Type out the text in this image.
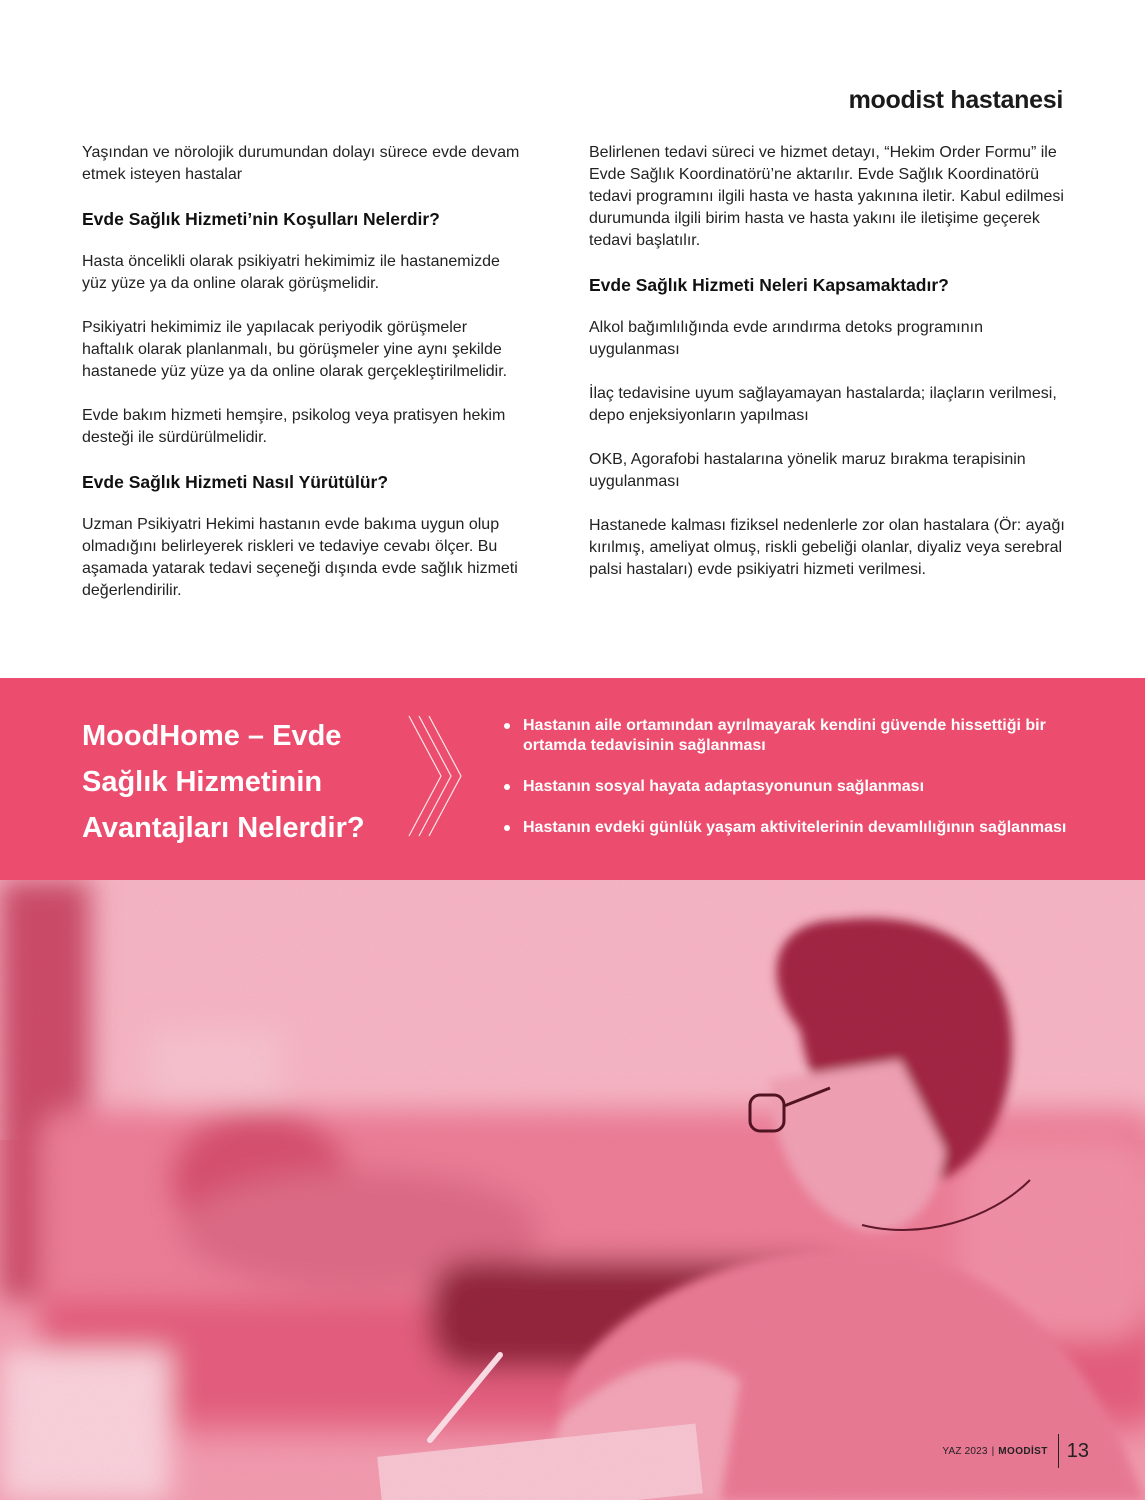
moodist hastanesi

Yaşından ve nörolojik durumundan dolayı sürece evde devam etmek isteyen hastalar

Evde Sağlık Hizmeti’nin Koşulları Nelerdir?

Hasta öncelikli olarak psikiyatri hekimimiz ile hastanemizde yüz yüze ya da online olarak görüşmelidir.

Psikiyatri hekimimiz ile yapılacak periyodik görüşmeler haftalık olarak planlanmalı, bu görüşmeler yine aynı şekilde hastanede yüz yüze ya da online olarak gerçekleştirilmelidir.

Evde bakım hizmeti hemşire, psikolog veya pratisyen hekim desteği ile sürdürülmelidir.

Evde Sağlık Hizmeti Nasıl Yürütülür?

Uzman Psikiyatri Hekimi hastanın evde bakıma uygun olup olmadığını belirleyerek riskleri ve tedaviye cevabı ölçer. Bu aşamada yatarak tedavi seçeneği dışında evde sağlık hizmeti değerlendirilir.

Belirlenen tedavi süreci ve hizmet detayı, “Hekim Order Formu” ile Evde Sağlık Koordinatörü’ne aktarılır. Evde Sağlık Koordinatörü tedavi programını ilgili hasta ve hasta yakınına iletir. Kabul edilmesi durumunda ilgili birim hasta ve hasta yakını ile iletişime geçerek tedavi başlatılır.

Evde Sağlık Hizmeti Neleri Kapsamaktadır?

Alkol bağımlılığında evde arındırma detoks programının uygulanması

İlaç tedavisine uyum sağlayamayan hastalarda; ilaçların verilmesi, depo enjeksiyonların yapılması

OKB, Agorafobi hastalarına yönelik maruz bırakma terapisinin uygulanması

Hastanede kalması fiziksel nedenlerle zor olan hastalara (Ör: ayağı kırılmış, ameliyat olmuş, riskli gebeliği olanlar, diyaliz veya serebral palsi hastaları) evde psikiyatri hizmeti verilmesi.

MoodHome – Evde Sağlık Hizmetinin Avantajları Nelerdir?
Hastanın aile ortamından ayrılmayarak kendini güvende hissettiği bir ortamda tedavisinin sağlanması
Hastanın sosyal hayata adaptasyonunun sağlanması
Hastanın evdeki günlük yaşam aktivitelerinin devamlılığının sağlanması
YAZ 2023 | MOODİST 13
